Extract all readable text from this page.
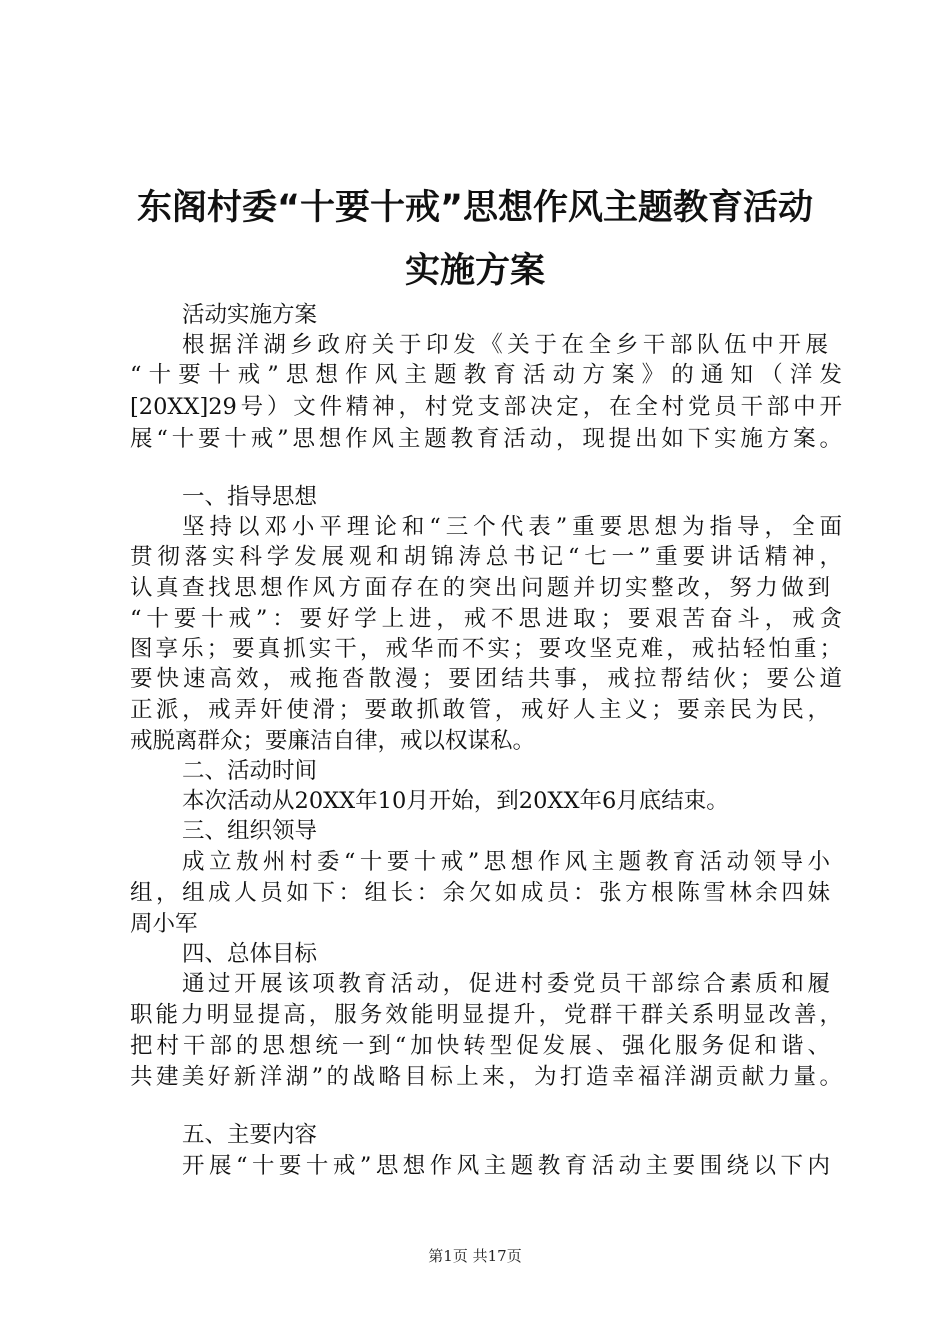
东阁村委“十要十戒”思想作风主题教育活动
实施方案
活动实施方案
根据洋湖乡政府关于印发《关于在全乡干部队伍中开展
“十要十戒”思想作风主题教育活动方案》的通知（洋发
[20XX]29号）文件精神，村党支部决定，在全村党员干部中开
展“十要十戒”思想作风主题教育活动，现提出如下实施方案。
一、指导思想
坚持以邓小平理论和“三个代表”重要思想为指导，全面
贯彻落实科学发展观和胡锦涛总书记“七一”重要讲话精神，
认真查找思想作风方面存在的突出问题并切实整改，努力做到
“十要十戒”：要好学上进，戒不思进取；要艰苦奋斗，戒贪
图享乐；要真抓实干，戒华而不实；要攻坚克难，戒拈轻怕重；
要快速高效，戒拖沓散漫；要团结共事，戒拉帮结伙；要公道
正派，戒弄奸使滑；要敢抓敢管，戒好人主义；要亲民为民，
戒脱离群众；要廉洁自律，戒以权谋私。
二、活动时间
本次活动从20XX年10月开始，到20XX年6月底结束。
三、组织领导
成立敖州村委“十要十戒”思想作风主题教育活动领导小
组，组成人员如下：组长：余欠如成员：张方根陈雪林余四妹
周小军
四、总体目标
通过开展该项教育活动，促进村委党员干部综合素质和履
职能力明显提高，服务效能明显提升，党群干群关系明显改善，
把村干部的思想统一到“加快转型促发展、强化服务促和谐、
共建美好新洋湖”的战略目标上来，为打造幸福洋湖贡献力量。
五、主要内容
开展“十要十戒”思想作风主题教育活动主要围绕以下内
第1页 共17页
